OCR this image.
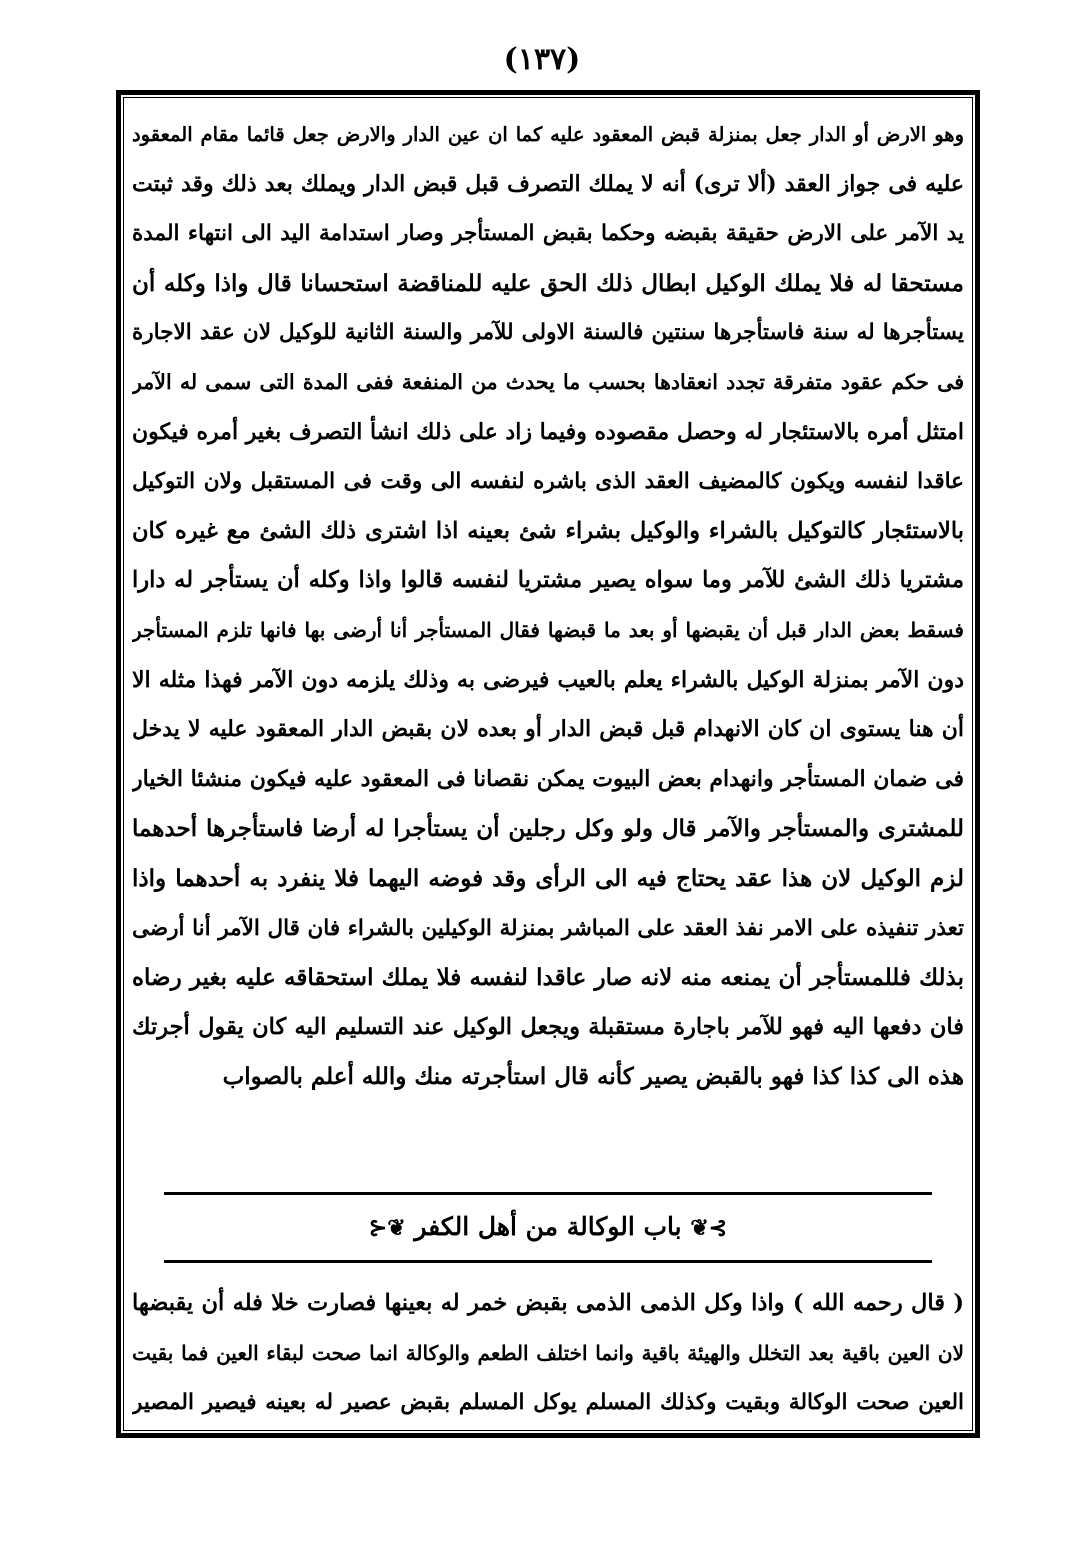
(١٣٧)
وهو الارض أو الدار جعل بمنزلة قبض المعقود عليه كما ان عين الدار والارض جعل قائما مقام المعقود
عليه فى جواز العقد (ألا ترى) أنه لا يملك التصرف قبل قبض الدار ويملك بعد ذلك وقد ثبتت
يد الآمر على الارض حقيقة بقبضه وحكما بقبض المستأجر وصار استدامة اليد الى انتهاء المدة
مستحقا له فلا يملك الوكيل ابطال ذلك الحق عليه للمناقضة استحسانا قال واذا وكله أن
يستأجرها له سنة فاستأجرها سنتين فالسنة الاولى للآمر والسنة الثانية للوكيل لان عقد الاجارة
فى حكم عقود متفرقة تجدد انعقادها بحسب ما يحدث من المنفعة ففى المدة التى سمى له الآمر
امتثل أمره بالاستئجار له وحصل مقصوده وفيما زاد على ذلك انشأ التصرف بغير أمره فيكون
عاقدا لنفسه ويكون كالمضيف العقد الذى باشره لنفسه الى وقت فى المستقبل ولان التوكيل
بالاستئجار كالتوكيل بالشراء والوكيل بشراء شئ بعينه اذا اشترى ذلك الشئ مع غيره كان
مشتريا ذلك الشئ للآمر وما سواه يصير مشتريا لنفسه قالوا واذا وكله أن يستأجر له دارا
فسقط بعض الدار قبل أن يقبضها أو بعد ما قبضها فقال المستأجر أنا أرضى بها فانها تلزم المستأجر
دون الآمر بمنزلة الوكيل بالشراء يعلم بالعيب فيرضى به وذلك يلزمه دون الآمر فهذا مثله الا
أن هنا يستوى ان كان الانهدام قبل قبض الدار أو بعده لان بقبض الدار المعقود عليه لا يدخل
فى ضمان المستأجر وانهدام بعض البيوت يمكن نقصانا فى المعقود عليه فيكون منشئا الخيار
للمشترى والمستأجر والآمر قال ولو وكل رجلين أن يستأجرا له أرضا فاستأجرها أحدهما
لزم الوكيل لان هذا عقد يحتاج فيه الى الرأى وقد فوضه اليهما فلا ينفرد به أحدهما واذا
تعذر تنفيذه على الامر نفذ العقد على المباشر بمنزلة الوكيلين بالشراء فان قال الآمر أنا أرضى
بذلك فللمستأجر أن يمنعه منه لانه صار عاقدا لنفسه فلا يملك استحقاقه عليه بغير رضاه
فان دفعها اليه فهو للآمر باجارة مستقبلة ويجعل الوكيل عند التسليم اليه كان يقول أجرتك
هذه الى كذا كذا فهو بالقبض يصير كأنه قال استأجرته منك والله أعلم بالصواب
⊱❦ باب الوكالة من أهل الكفر ❦⊰
( قال رحمه الله ) واذا وكل الذمى الذمى بقبض خمر له بعينها فصارت خلا فله أن يقبضها
لان العين باقية بعد التخلل والهيئة باقية وانما اختلف الطعم والوكالة انما صحت لبقاء العين فما بقيت
العين صحت الوكالة وبقيت وكذلك المسلم يوكل المسلم بقبض عصير له بعينه فيصير المصير
